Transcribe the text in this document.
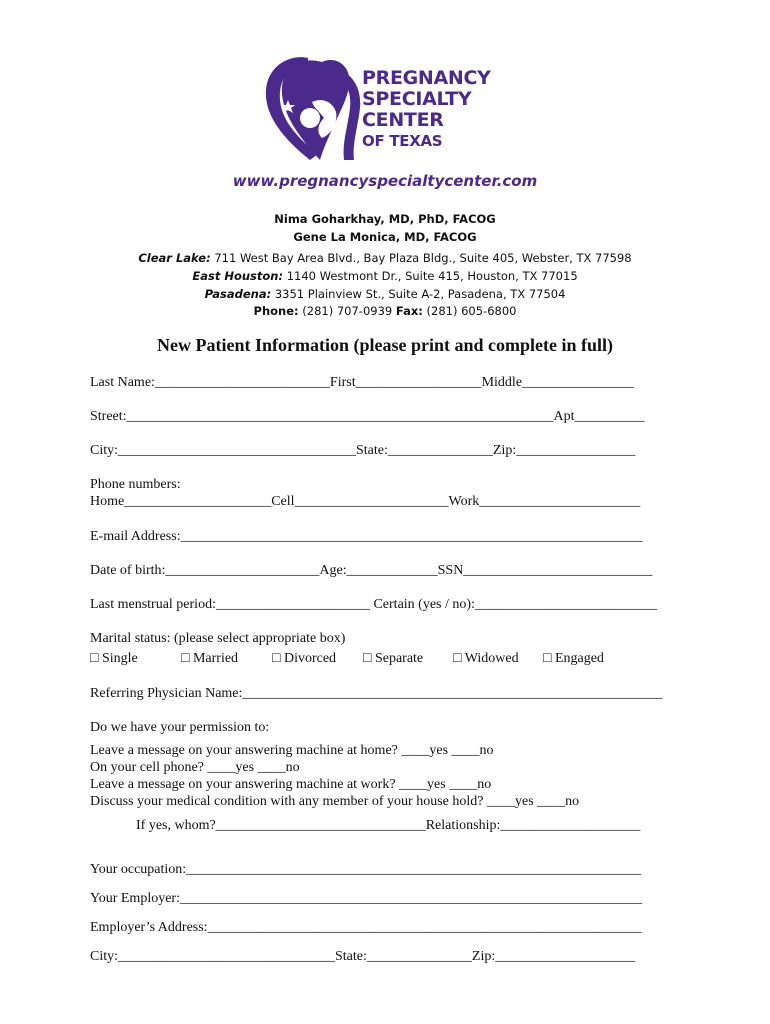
PREGNANCY
SPECIALTY
CENTER
OF TEXAS
www.pregnancyspecialtycenter.com
Nima Goharkhay, MD, PhD, FACOG
Gene La Monica, MD, FACOG
Clear Lake: 711 West Bay Area Blvd., Bay Plaza Bldg., Suite 405, Webster, TX 77598
East Houston: 1140 Westmont Dr., Suite 415, Houston, TX 77015
Pasadena: 3351 Plainview St., Suite A-2, Pasadena, TX 77504
Phone: (281) 707-0939 Fax: (281) 605-6800
New Patient Information (please print and complete in full)
Last Name:_________________________First__________________Middle________________
Street:_____________________________________________________________Apt__________
City:__________________________________State:_______________Zip:_________________
Phone numbers:
Home_____________________Cell______________________Work_______________________
E-mail Address:__________________________________________________________________
Date of birth:______________________Age:_____________SSN___________________________
Last menstrual period:______________________ Certain (yes / no):__________________________
Marital status: (please select appropriate box)
□ Single	□ Married □ Divorced □ Separate □ Widowed □ Engaged
Referring Physician Name:____________________________________________________________
Do we have your permission to:
Leave a message on your answering machine at home? ____yes ____no
On your cell phone? ____yes ____no
Leave a message on your answering machine at work? ____yes ____no
Discuss your medical condition with any member of your house hold? ____yes ____no
If yes, whom?______________________________Relationship:____________________
Your occupation:_________________________________________________________________
Your Employer:__________________________________________________________________
Employer’s Address:______________________________________________________________
City:_______________________________State:_______________Zip:____________________
